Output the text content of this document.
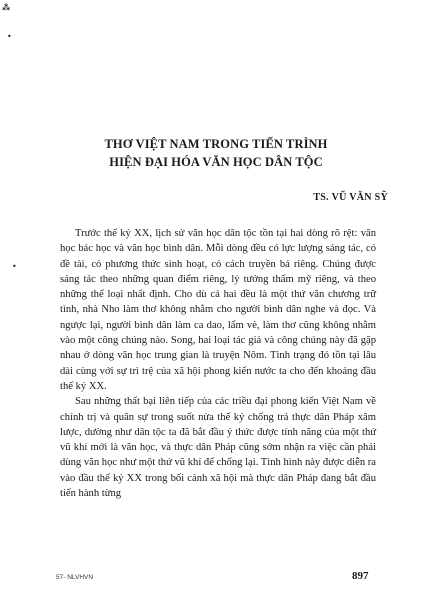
⁂
•
•
THƠ VIỆT NAM TRONG TIẾN TRÌNH
HIỆN ĐẠI HÓA VĂN HỌC DÂN TỘC
TS. VŨ VĂN SỸ

Trước thế kỷ XX, lịch sử văn học dân tộc tồn tại hai dòng rõ rệt: văn học bác học và văn học bình dân. Mỗi dòng đều có lực lượng sáng tác, có đề tài, có phương thức sinh hoạt, có cách truyền bá riêng. Chúng được sáng tác theo những quan điểm riêng, lý tưởng thẩm mỹ riêng, và theo những thể loại nhất định. Cho dù cả hai đều là một thứ văn chương trữ tình, nhà Nho làm thơ không nhằm cho người bình dân nghe và đọc. Và ngược lại, người bình dân làm ca dao, lẩm vè, làm thơ cũng không nhằm vào một công chúng nào. Song, hai loại tác giả và công chúng này đã gặp nhau ở dòng văn học trung gian là truyện Nôm. Tình trạng đó tồn tại lâu dài cùng với sự trì trệ của xã hội phong kiến nước ta cho đến khoảng đầu thế kỷ XX.

Sau những thất bại liên tiếp của các triều đại phong kiến Việt Nam về chính trị và quân sự trong suốt nửa thế kỷ chống trả thực dân Pháp xâm lược, dường như dân tộc ta đã bắt đầu ý thức được tính năng của một thứ vũ khí mới là văn học, và thực dân Pháp cũng sớm nhận ra việc cần phải dùng văn học như một thứ vũ khí để chống lại. Tình hình này được diễn ra vào đầu thế kỷ XX trong bối cảnh xã hội mà thực dân Pháp đang bắt đầu tiến hành từng

57- NLVHVN	897
